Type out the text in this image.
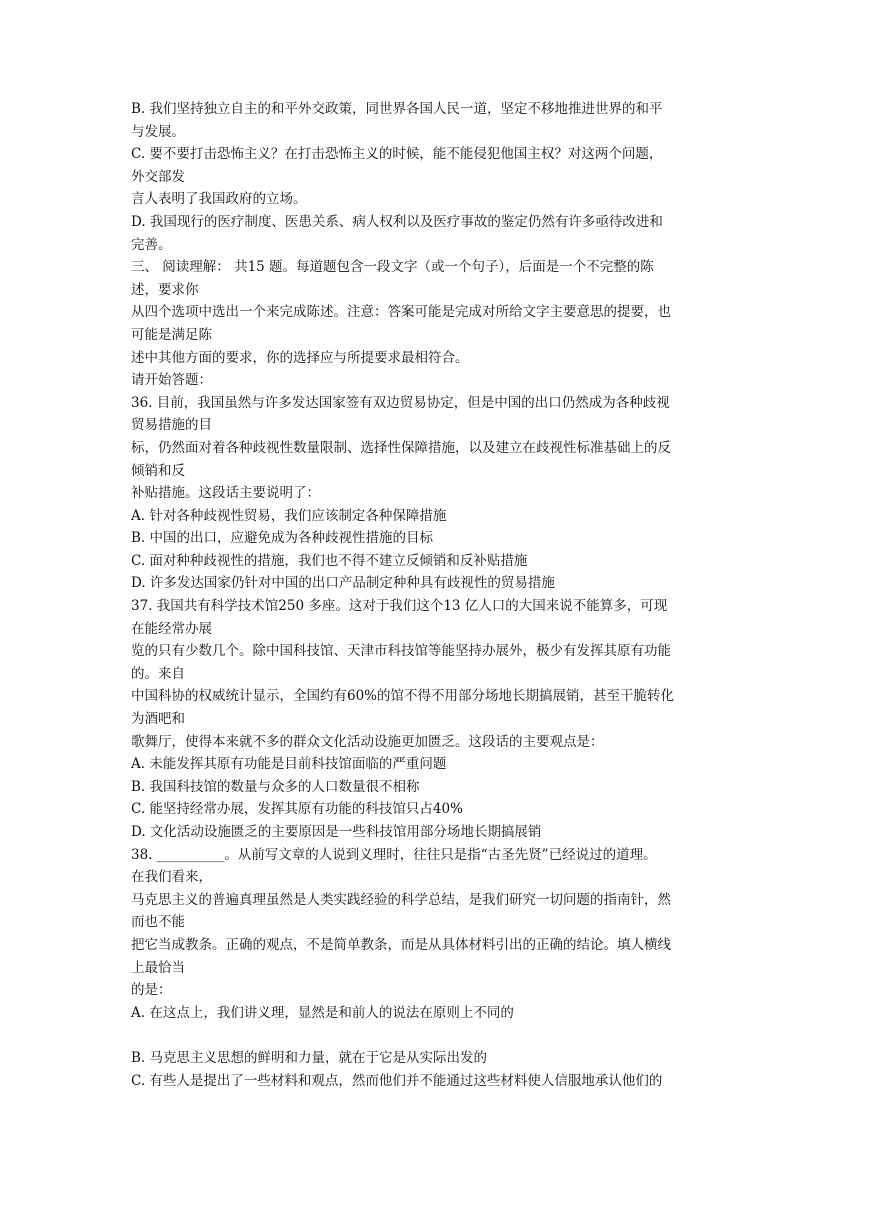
B. 我们坚持独立自主的和平外交政策，同世界各国人民一道，坚定不移地推进世界的和平
与发展。
C. 要不要打击恐怖主义？在打击恐怖主义的时候，能不能侵犯他国主权？对这两个问题，
外交部发
言人表明了我国政府的立场。
D. 我国现行的医疗制度、医患关系、病人权利以及医疗事故的鉴定仍然有许多亟待改进和
完善。
三、 阅读理解： 共15 题。每道题包含一段文字（或一个句子），后面是一个不完整的陈
述，要求你
从四个选项中选出一个来完成陈述。注意：答案可能是完成对所给文字主要意思的提要，也
可能是满足陈
述中其他方面的要求，你的选择应与所提要求最相符合。
请开始答题：
36. 目前，我国虽然与许多发达国家签有双边贸易协定，但是中国的出口仍然成为各种歧视
贸易措施的目
标，仍然面对着各种歧视性数量限制、选择性保障措施，以及建立在歧视性标准基础上的反
倾销和反
补贴措施。这段话主要说明了：
A. 针对各种歧视性贸易，我们应该制定各种保障措施
B. 中国的出口，应避免成为各种歧视性措施的目标
C. 面对种种歧视性的措施，我们也不得不建立反倾销和反补贴措施
D. 许多发达国家仍针对中国的出口产品制定种种具有歧视性的贸易措施
37. 我国共有科学技术馆250 多座。这对于我们这个13 亿人口的大国来说不能算多，可现
在能经常办展
览的只有少数几个。除中国科技馆、天津市科技馆等能坚持办展外，极少有发挥其原有功能
的。来自
中国科协的权威统计显示，全国约有60%的馆不得不用部分场地长期搞展销，甚至干脆转化
为酒吧和
歌舞厅，使得本来就不多的群众文化活动设施更加匮乏。这段话的主要观点是：
A. 未能发挥其原有功能是目前科技馆面临的严重问题
B. 我国科技馆的数量与众多的人口数量很不相称
C. 能坚持经常办展，发挥其原有功能的科技馆只占40%
D. 文化活动设施匮乏的主要原因是一些科技馆用部分场地长期搞展销
38. __________。从前写文章的人说到义理时，往往只是指“古圣先贤”已经说过的道理。
在我们看来，
马克思主义的普遍真理虽然是人类实践经验的科学总结，是我们研究一切问题的指南针，然
而也不能
把它当成教条。正确的观点，不是简单教条，而是从具体材料引出的正确的结论。填人横线
上最恰当
的是：
A. 在这点上，我们讲义理，显然是和前人的说法在原则上不同的
B. 马克思主义思想的鲜明和力量，就在于它是从实际出发的
C. 有些人是提出了一些材料和观点，然而他们并不能通过这些材料使人信服地承认他们的
